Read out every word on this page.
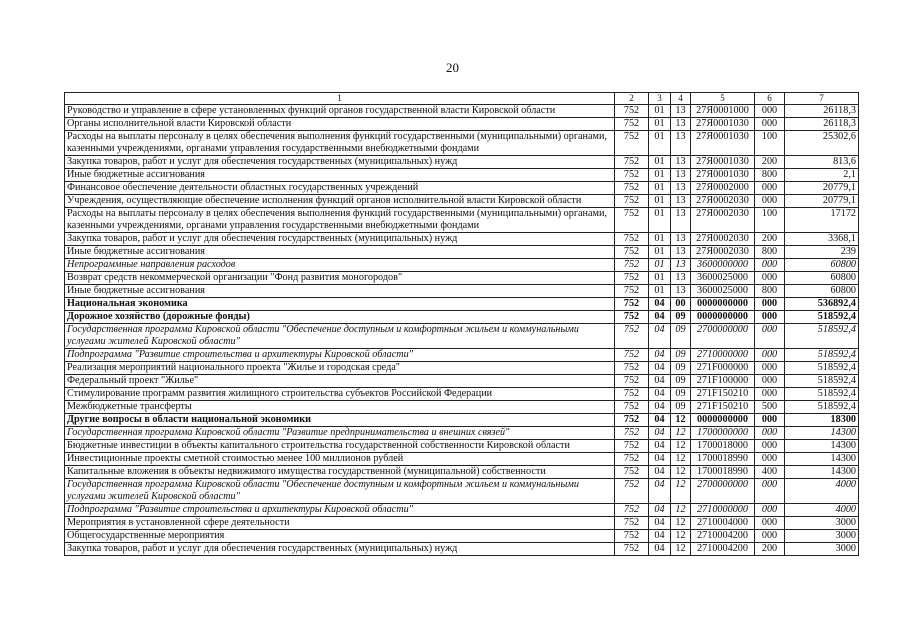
20
1	2	3	4	5	6	7
Руководство и управление в сфере установленных функций органов государственной власти Кировской области	752	01	13	27Я0001000	000	26118,3
Органы исполнительной власти Кировской области	752	01	13	27Я0001030	000	26118,3
Расходы на выплаты персоналу в целях обеспечения выполнения функций государственными (муниципальными) органами, казенными учреждениями, органами управления государственными внебюджетными фондами	752	01	13	27Я0001030	100	25302,6
Закупка товаров, работ и услуг для обеспечения государственных (муниципальных) нужд	752	01	13	27Я0001030	200	813,6
Иные бюджетные ассигнования	752	01	13	27Я0001030	800	2,1
Финансовое обеспечение деятельности областных государственных учреждений	752	01	13	27Я0002000	000	20779,1
Учреждения, осуществляющие обеспечение исполнения функций органов исполнительной власти Кировской области	752	01	13	27Я0002030	000	20779,1
Расходы на выплаты персоналу в целях обеспечения выполнения функций государственными (муниципальными) органами, казенными учреждениями, органами управления государственными внебюджетными фондами	752	01	13	27Я0002030	100	17172
Закупка товаров, работ и услуг для обеспечения государственных (муниципальных) нужд	752	01	13	27Я0002030	200	3368,1
Иные бюджетные ассигнования	752	01	13	27Я0002030	800	239
Непрограммные направления расходов	752	01	13	3600000000	000	60800
Возврат средств некоммерческой организации "Фонд развития моногородов"	752	01	13	3600025000	000	60800
Иные бюджетные ассигнования	752	01	13	3600025000	800	60800
Национальная экономика	752	04	00	0000000000	000	536892,4
Дорожное хозяйство (дорожные фонды)	752	04	09	0000000000	000	518592,4
Государственная программа Кировской области "Обеспечение доступным и комфортным жильем и коммунальными услугами жителей Кировской области"	752	04	09	2700000000	000	518592,4
Подпрограмма "Развитие строительства и архитектуры Кировской области"	752	04	09	2710000000	000	518592,4
Реализация мероприятий национального проекта "Жилье и городская среда"	752	04	09	271F000000	000	518592,4
Федеральный проект "Жилье"	752	04	09	271F100000	000	518592,4
Стимулирование программ развития жилищного строительства субъектов Российской Федерации	752	04	09	271F150210	000	518592,4
Межбюджетные трансферты	752	04	09	271F150210	500	518592,4
Другие вопросы в области национальной экономики	752	04	12	0000000000	000	18300
Государственная программа Кировской области "Развитие предпринимательства и внешних связей"	752	04	12	1700000000	000	14300
Бюджетные инвестиции в объекты капитального строительства государственной собственности Кировской области	752	04	12	1700018000	000	14300
Инвестиционные проекты сметной стоимостью менее 100 миллионов рублей	752	04	12	1700018990	000	14300
Капитальные вложения в объекты недвижимого имущества государственной (муниципальной) собственности	752	04	12	1700018990	400	14300
Государственная программа Кировской области "Обеспечение доступным и комфортным жильем и коммунальными услугами жителей Кировской области"	752	04	12	2700000000	000	4000
Подпрограмма "Развитие строительства и архитектуры Кировской области"	752	04	12	2710000000	000	4000
Мероприятия в установленной сфере деятельности	752	04	12	2710004000	000	3000
Общегосударственные мероприятия	752	04	12	2710004200	000	3000
Закупка товаров, работ и услуг для обеспечения государственных (муниципальных) нужд	752	04	12	2710004200	200	3000
